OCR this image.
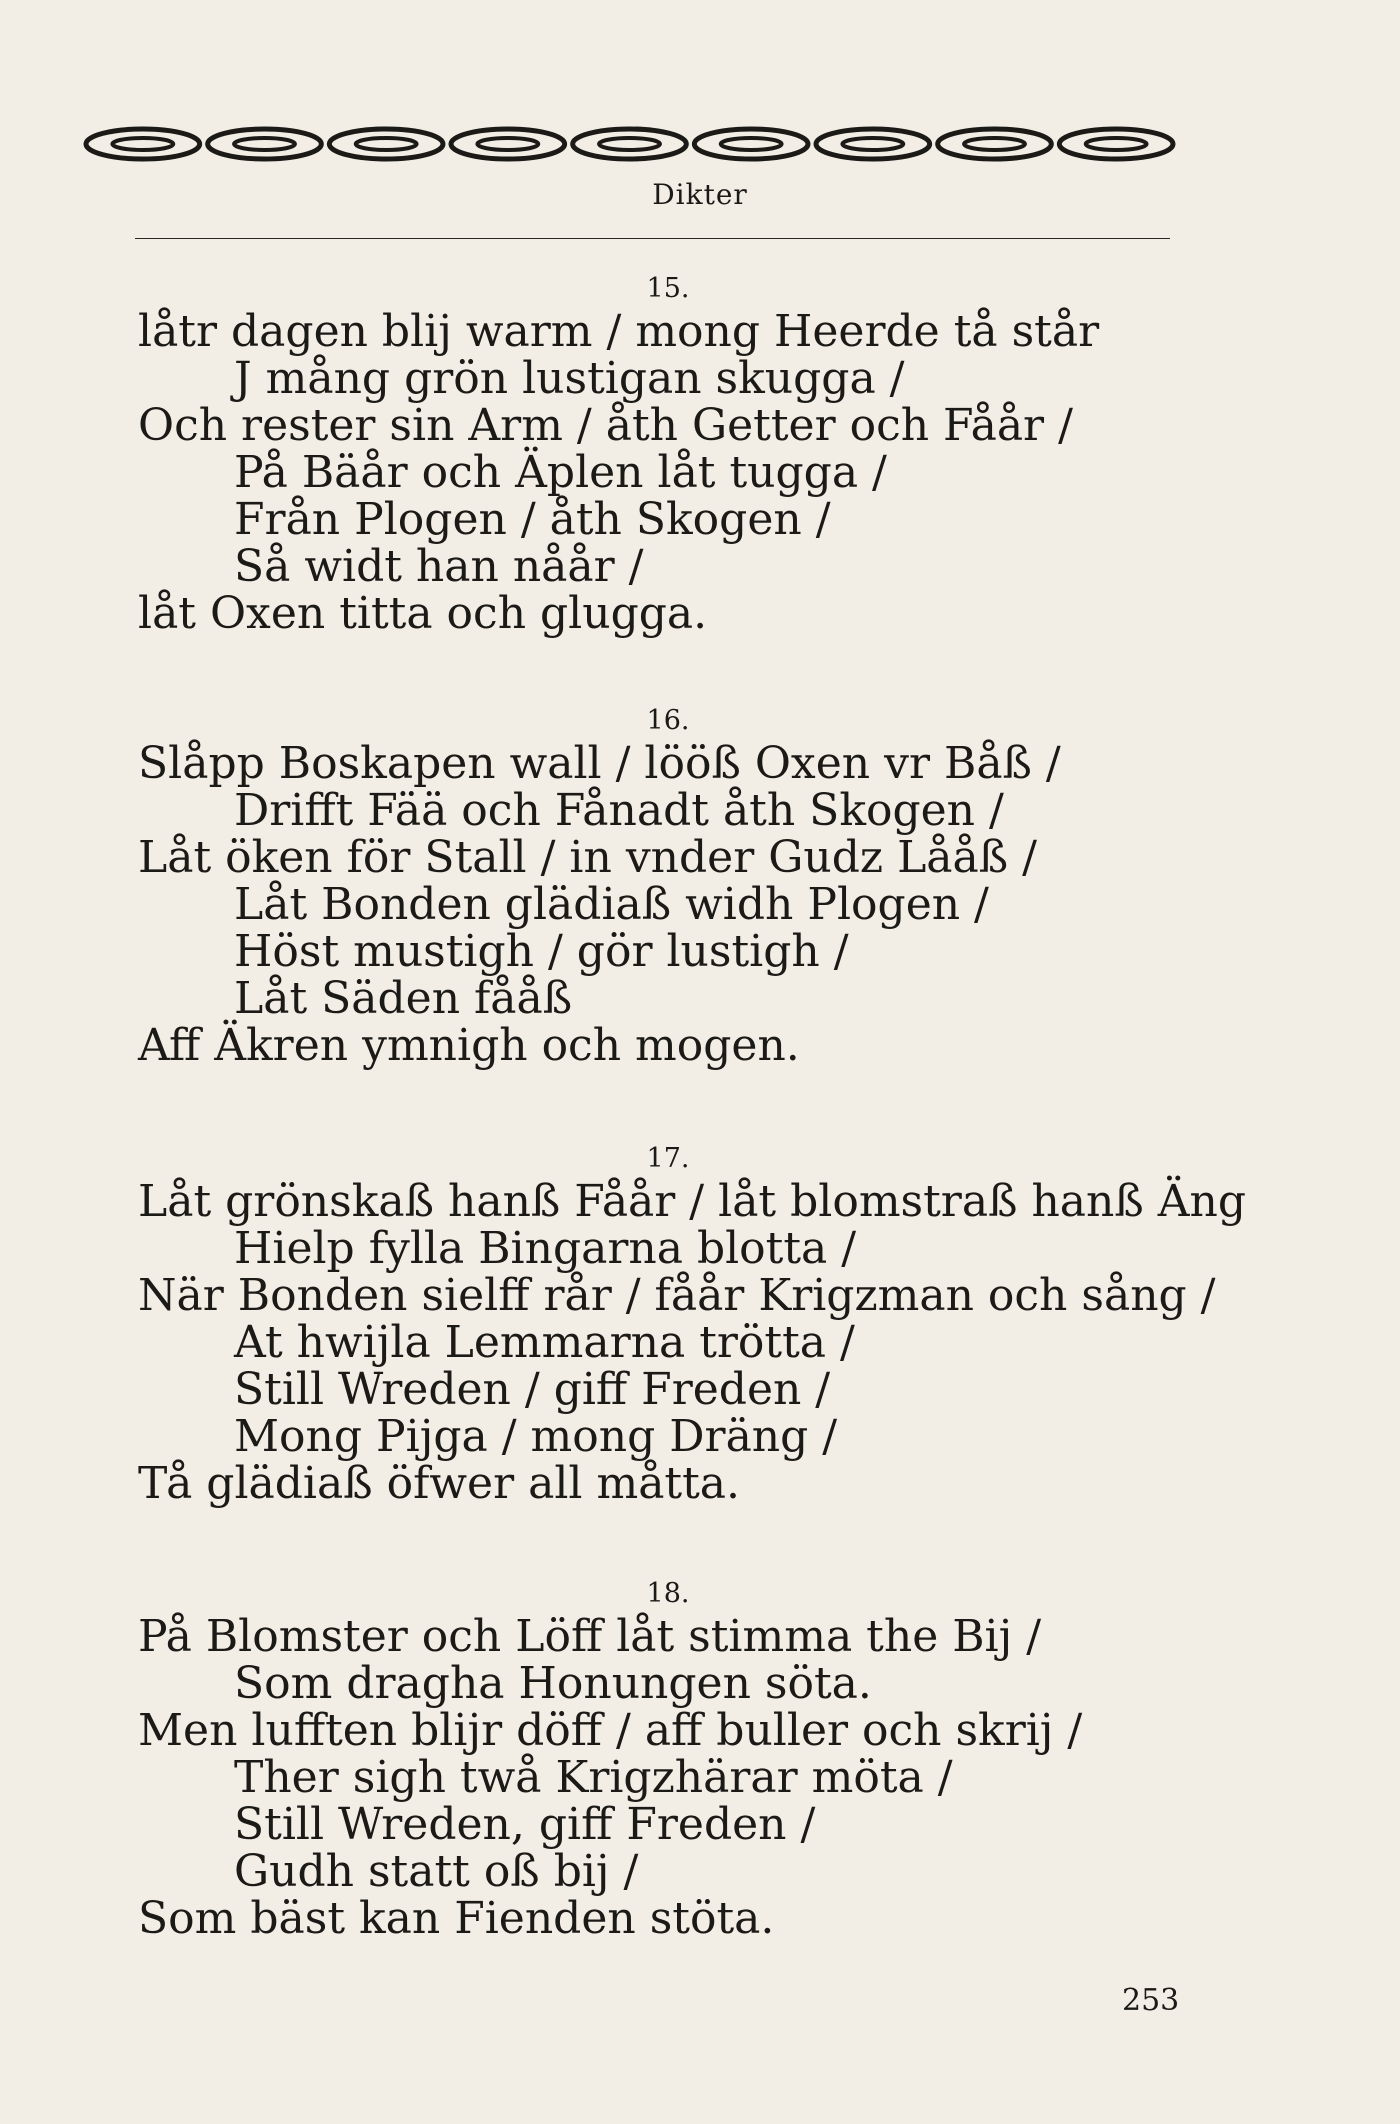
Dikter
15.
låtr dagen blij warm / mong Heerde tå står
J mång grön lustigan skugga /
Och rester sin Arm / åth Getter och Fåår /
På Bäår och Äplen låt tugga /
Från Plogen / åth Skogen /
Så widt han nåår /
låt Oxen titta och glugga.
16.
Slåpp Boskapen wall / lööß Oxen vr Båß /
Drifft Fää och Fånadt åth Skogen /
Låt öken för Stall / in vnder Gudz Lååß /
Låt Bonden glädiaß widh Plogen /
Höst mustigh / gör lustigh /
Låt Säden fååß
Aff Äkren ymnigh och mogen.
17.
Låt grönskaß hanß Fåår / låt blomstraß hanß Äng
Hielp fylla Bingarna blotta /
När Bonden sielff rår / fåår Krigzman och sång /
At hwijla Lemmarna trötta /
Still Wreden / giff Freden /
Mong Pijga / mong Dräng /
Tå glädiaß öfwer all måtta.
18.
På Blomster och Löff låt stimma the Bij /
Som dragha Honungen söta.
Men lufften blijr döff / aff buller och skrij /
Ther sigh twå Krigzhärar möta /
Still Wreden, giff Freden /
Gudh statt oß bij /
Som bäst kan Fienden stöta.
253
